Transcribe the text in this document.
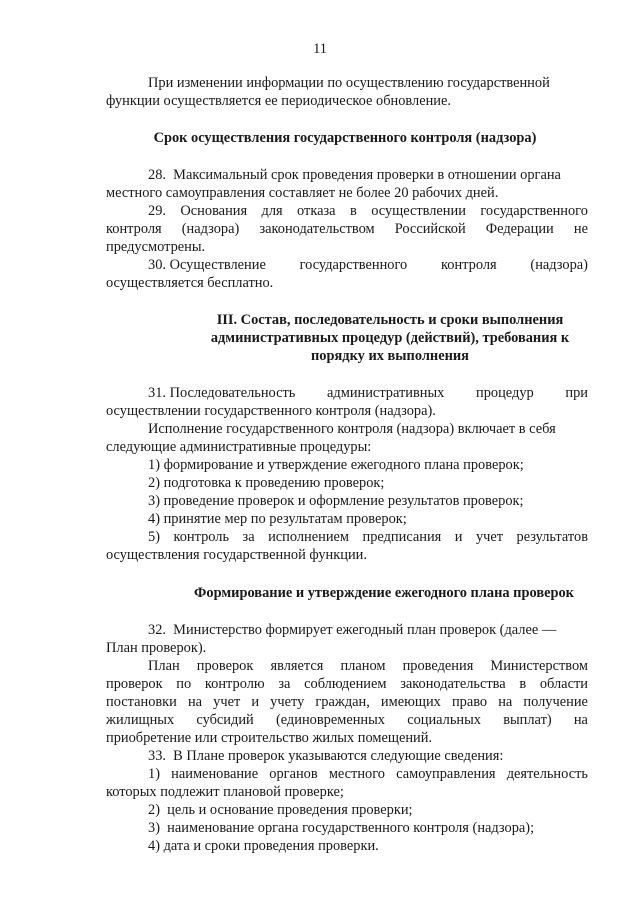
11
При изменении информации по осуществлению государственной
функции осуществляется ее периодическое обновление.
Срок осуществления государственного контроля (надзора)
28.  Максимальный срок проведения проверки в отношении органа
местного самоуправления составляет не более 20 рабочих дней.
29. Основания для отказа в осуществлении государственного
контроля (надзора) законодательством Российской Федерации не
предусмотрены.
30. Осуществление государственного контроля (надзора)
осуществляется бесплатно.
III. Состав, последовательность и сроки выполнения
административных процедур (действий), требования к
порядку их выполнения
31. Последовательность административных процедур при
осуществлении государственного контроля (надзора).
Исполнение государственного контроля (надзора) включает в себя
следующие административные процедуры:
1) формирование и утверждение ежегодного плана проверок;
2) подготовка к проведению проверок;
3) проведение проверок и оформление результатов проверок;
4) принятие мер по результатам проверок;
5) контроль за исполнением предписания и учет результатов
осуществления государственной функции.
Формирование и утверждение ежегодного плана проверок
32.  Министерство формирует ежегодный план проверок (далее —
План проверок).
План проверок является планом проведения Министерством
проверок по контролю за соблюдением законодательства в области
постановки на учет и учету граждан, имеющих право на получение
жилищных субсидий (единовременных социальных выплат) на
приобретение или строительство жилых помещений.
33.  В Плане проверок указываются следующие сведения:
1) наименование органов местного самоуправления деятельность
которых подлежит плановой проверке;
2)  цель и основание проведения проверки;
3)  наименование органа государственного контроля (надзора);
4) дата и сроки проведения проверки.
